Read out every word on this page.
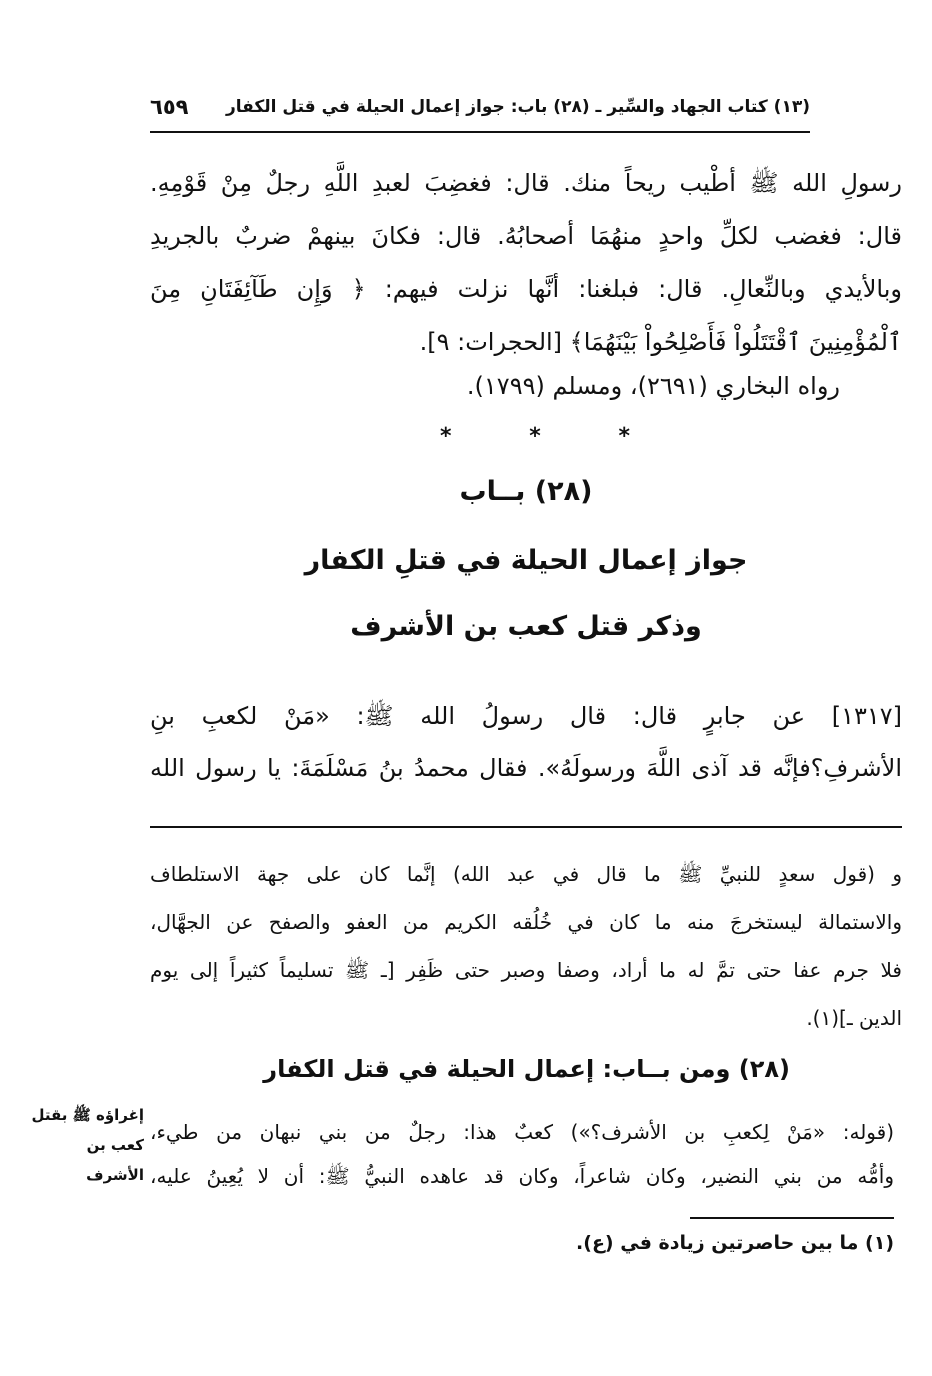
(١٣) كتاب الجهاد والسِّير ـ (٢٨) باب: جواز إعمال الحيلة في قتل الكفار
٦٥٩
رسولِ الله ﷺ أطْيب ريحاً منك. قال: فغضِبَ لعبدِ اللَّهِ رجلٌ مِنْ قَوْمِهِ.
قال: فغضب لكلِّ واحدٍ منهُمَا أصحابُهُ. قال: فكانَ بينهمْ ضربٌ بالجريدِ
وبالأيدي وبالنِّعالِ. قال: فبلغنا: أنَّها نزلت فيهم: ﴿ وَإِن طَآئِفَتَانِ مِنَ
ٱلْمُؤْمِنِينَ ٱقْتَتَلُواْ فَأَصْلِحُواْ بَيْنَهُمَا﴾ [الحجرات: ٩].
رواه البخاري (٢٦٩١)، ومسلم (١٧٩٩).
*
*
*
(٢٨) بــاب
جواز إعمال الحيلة في قتلِ الكفار
وذكر قتل كعب بن الأشرف
[١٣١٧] عن جابرٍ قال: قال رسولُ الله ﷺ: «مَنْ لكعبِ بنِ
الأشرفِ؟فإنَّه قد آذى اللَّهَ ورسولَهُ». فقال محمدُ بنُ مَسْلَمَةَ: يا رسول الله
و (قول سعدٍ للنبيِّ ﷺ ما قال في عبد الله) إنَّما كان على جهة الاستلطاف
والاستمالة ليستخرجَ منه ما كان في خُلُقه الكريم من العفو والصفح عن الجهَّال،
فلا جرم عفا حتى تمَّ له ما أراد، وصفا وصبر حتى ظَفِر [ـ ﷺ تسليماً كثيراً إلى يوم
الدين ـ](١).
(٢٨) ومن بــاب: إعمال الحيلة في قتل الكفار
(قوله: «مَنْ لِكعبِ بن الأشرف؟») كعبٌ هذا: رجلٌ من بني نبهان من طيء،
وأمُّه من بني النضير، وكان شاعراً، وكان قد عاهده النبيُّ ﷺ: أن لا يُعِينُ عليه،
إغراؤه ﷺ بقتل
كعب بن
الأشرف
(١) ما بين حاصرتين زيادة في (ع).
